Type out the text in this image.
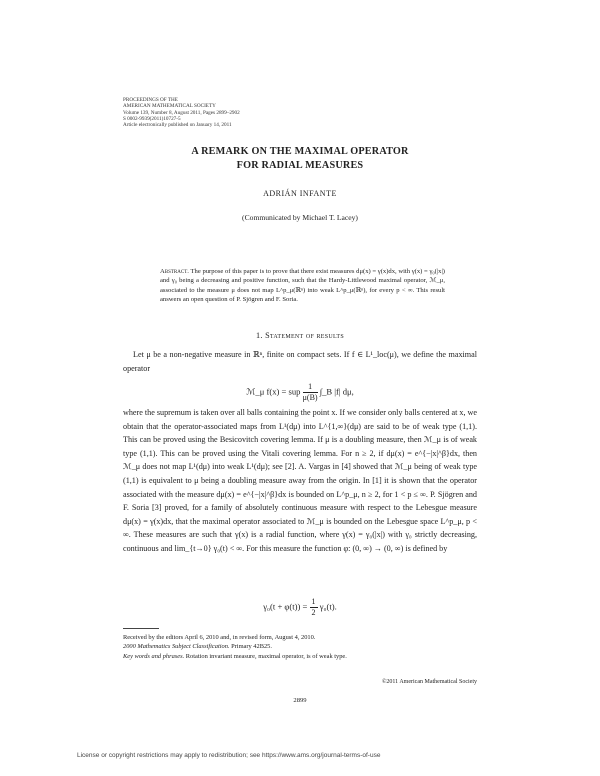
PROCEEDINGS OF THE
AMERICAN MATHEMATICAL SOCIETY
Volume 139, Number 8, August 2011, Pages 2899–2902
S 0002-9939(2011)10727-5
Article electronically published on January 14, 2011
A REMARK ON THE MAXIMAL OPERATOR
FOR RADIAL MEASURES
ADRIÁN INFANTE
(Communicated by Michael T. Lacey)
Abstract. The purpose of this paper is to prove that there exist measures dμ(x) = γ(x)dx, with γ(x) = γ₀(|x|) and γ₀ being a decreasing and positive function, such that the Hardy-Littlewood maximal operator, ℳ_μ, associated to the measure μ does not map L^p_μ(ℝⁿ) into weak L^p_μ(ℝⁿ), for every p < ∞. This result answers an open question of P. Sjögren and F. Soria.
1. Statement of results

Let μ be a non-negative measure in ℝⁿ, finite on compact sets. If f ∈ L¹_loc(μ), we define the maximal operator

ℳ_μ f(x) = sup $\frac{1}{\mu(B)}$ ∫_B |f| dμ,

where the supremum is taken over all balls containing the point x. If we consider only balls centered at x, we obtain that the operator-associated maps from L¹(dμ) into L^{1,∞}(dμ) are said to be of weak type (1,1). This can be proved using the Besicovitch covering lemma. If μ is a doubling measure, then ℳ_μ is of weak type (1,1). This can be proved using the Vitali covering lemma. For n ≥ 2, if dμ(x) = e^{−|x|^β}dx, then ℳ_μ does not map L¹(dμ) into weak L¹(dμ); see [2]. A. Vargas in [4] showed that ℳ_μ being of weak type (1,1) is equivalent to μ being a doubling measure away from the origin. In [1] it is shown that the operator associated with the measure dμ(x) = e^{−|x|^β}dx is bounded on L^p_μ, n ≥ 2, for 1 < p ≤ ∞. P. Sjögren and F. Soria [3] proved, for a family of absolutely continuous measure with respect to the Lebesgue measure dμ(x) = γ(x)dx, that the maximal operator associated to ℳ_μ is bounded on the Lebesgue space L^p_μ, p < ∞. These measures are such that γ(x) is a radial function, where γ(x) = γ₀(|x|) with γ₀ strictly decreasing, continuous and lim_{t→0} γ₀(t) < ∞. For this measure the function φ: (0, ∞) → (0, ∞) is defined by

$\gamma_0(t + \varphi(t)) = \frac{1}{2} \gamma_0(t)$.
Received by the editors April 6, 2010 and, in revised form, August 4, 2010.
2000 Mathematics Subject Classification. Primary 42B25.
Key words and phrases. Rotation invariant measure, maximal operator, is of weak type.
©2011 American Mathematical Society
2899
License or copyright restrictions may apply to redistribution; see https://www.ams.org/journal-terms-of-use
